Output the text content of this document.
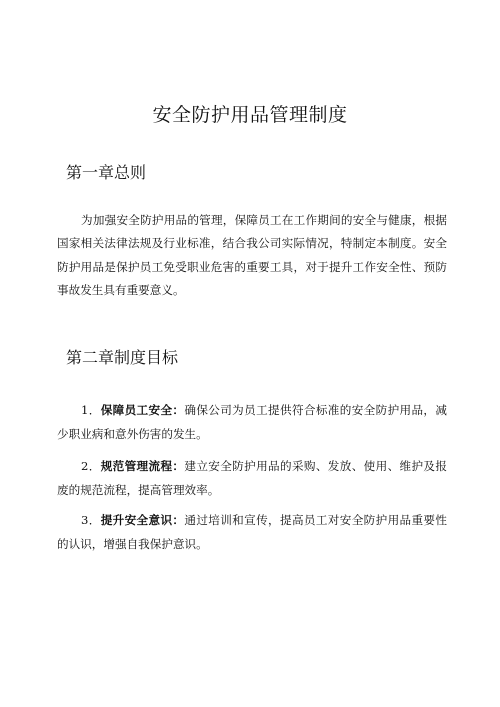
安全防护用品管理制度
第一章总则

为加强安全防护用品的管理，保障员工在工作期间的安全与健康，根据国家相关法律法规及行业标准，结合我公司实际情况，特制定本制度。安全防护用品是保护员工免受职业危害的重要工具，对于提升工作安全性、预防事故发生具有重要意义。

第二章制度目标

1．保障员工安全：确保公司为员工提供符合标准的安全防护用品，减少职业病和意外伤害的发生。

2．规范管理流程：建立安全防护用品的采购、发放、使用、维护及报废的规范流程，提高管理效率。

3．提升安全意识：通过培训和宣传，提高员工对安全防护用品重要性的认识，增强自我保护意识。
